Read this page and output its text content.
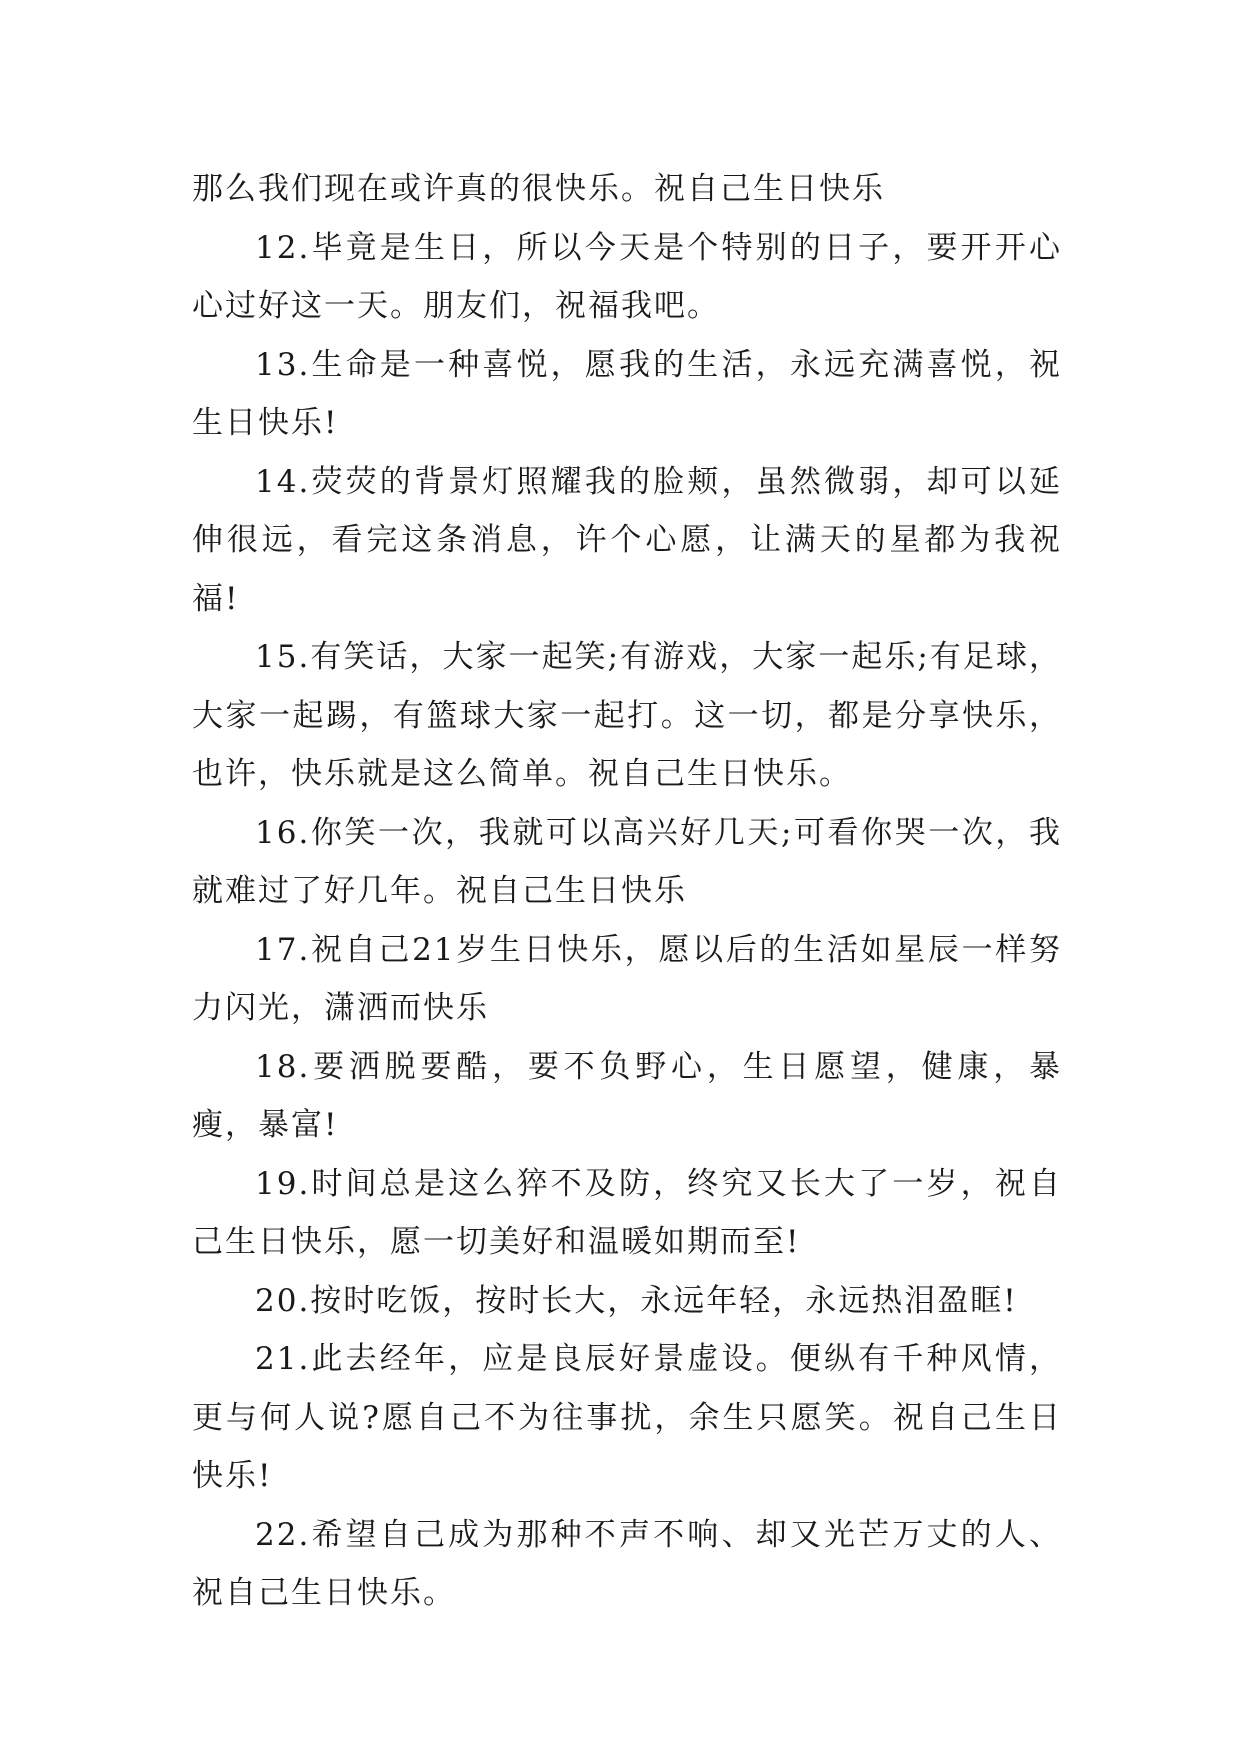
那么我们现在或许真的很快乐。祝自己生日快乐

12.毕竟是生日，所以今天是个特别的日子，要开开心心过好这一天。朋友们，祝福我吧。

13.生命是一种喜悦，愿我的生活，永远充满喜悦，祝生日快乐!

14.荧荧的背景灯照耀我的脸颊，虽然微弱，却可以延伸很远，看完这条消息，许个心愿，让满天的星都为我祝福!

15.有笑话，大家一起笑;有游戏，大家一起乐;有足球，大家一起踢，有篮球大家一起打。这一切，都是分享快乐，也许，快乐就是这么简单。祝自己生日快乐。

16.你笑一次，我就可以高兴好几天;可看你哭一次，我就难过了好几年。祝自己生日快乐

17.祝自己21岁生日快乐，愿以后的生活如星辰一样努力闪光，潇洒而快乐

18.要洒脱要酷，要不负野心，生日愿望，健康，暴瘦，暴富!

19.时间总是这么猝不及防，终究又长大了一岁，祝自己生日快乐，愿一切美好和温暖如期而至!

20.按时吃饭，按时长大，永远年轻，永远热泪盈眶!

21.此去经年，应是良辰好景虚设。便纵有千种风情，更与何人说?愿自己不为往事扰，余生只愿笑。祝自己生日快乐!

22.希望自己成为那种不声不响、却又光芒万丈的人、祝自己生日快乐。
